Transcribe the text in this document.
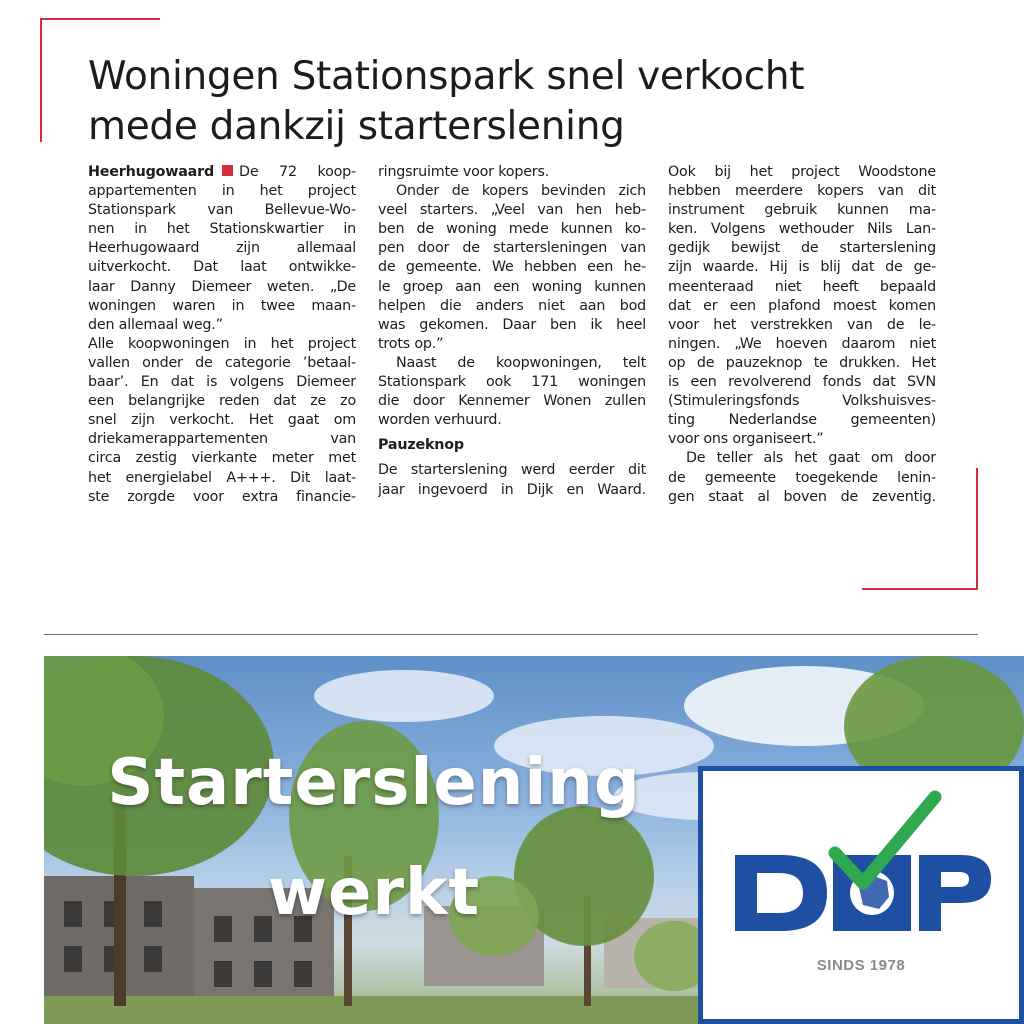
Woningen Stationspark snel verkocht
mede dankzij starterslening
Heerhugowaard De 72 koop-
appartementen in het project
Stationspark van Bellevue-Wo-
nen in het Stationskwartier in
Heerhugowaard zijn allemaal
uitverkocht. Dat laat ontwikke-
laar Danny Diemeer weten. „De
woningen waren in twee maan-
den allemaal weg.”
Alle koopwoningen in het project
vallen onder de categorie ’betaal-
baar’. En dat is volgens Diemeer
een belangrijke reden dat ze zo
snel zijn verkocht. Het gaat om
driekamerappartementen van
circa zestig vierkante meter met
het energielabel A+++. Dit laat-
ste zorgde voor extra financie-
ringsruimte voor kopers.
Onder de kopers bevinden zich
veel starters. „Veel van hen heb-
ben de woning mede kunnen ko-
pen door de startersleningen van
de gemeente. We hebben een he-
le groep aan een woning kunnen
helpen die anders niet aan bod
was gekomen. Daar ben ik heel
trots op.”
Naast de koopwoningen, telt
Stationspark ook 171 woningen
die door Kennemer Wonen zullen
worden verhuurd.
Pauzeknop
De starterslening werd eerder dit
jaar ingevoerd in Dijk en Waard.
Ook bij het project Woodstone
hebben meerdere kopers van dit
instrument gebruik kunnen ma-
ken. Volgens wethouder Nils Lan-
gedijk bewijst de starterslening
zijn waarde. Hij is blij dat de ge-
meenteraad niet heeft bepaald
dat er een plafond moest komen
voor het verstrekken van de le-
ningen. „We hoeven daarom niet
op de pauzeknop te drukken. Het
is een revolverend fonds dat SVN
(Stimuleringsfonds Volkshuisves-
ting Nederlandse gemeenten)
voor ons organiseert.”
De teller als het gaat om door
de gemeente toegekende lenin-
gen staat al boven de zeventig.
Starterslening
werkt
SINDS 1978
